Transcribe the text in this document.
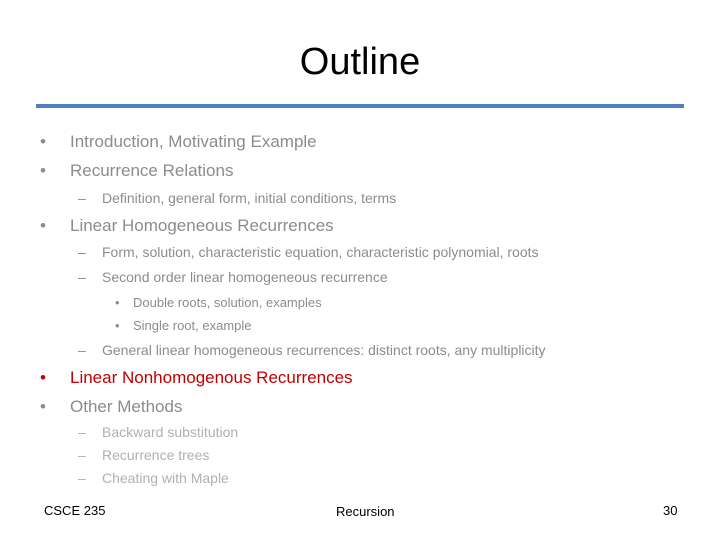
Outline
• Introduction, Motivating Example
• Recurrence Relations
– Definition, general form, initial conditions, terms
• Linear Homogeneous Recurrences
– Form, solution, characteristic equation, characteristic polynomial, roots
– Second order linear homogeneous recurrence
• Double roots, solution, examples
• Single root, example
– General linear homogeneous recurrences: distinct roots, any multiplicity
• Linear Nonhomogenous Recurrences
• Other Methods
– Backward substitution
– Recurrence trees
– Cheating with Maple
CSCE 235	Recursion	30
